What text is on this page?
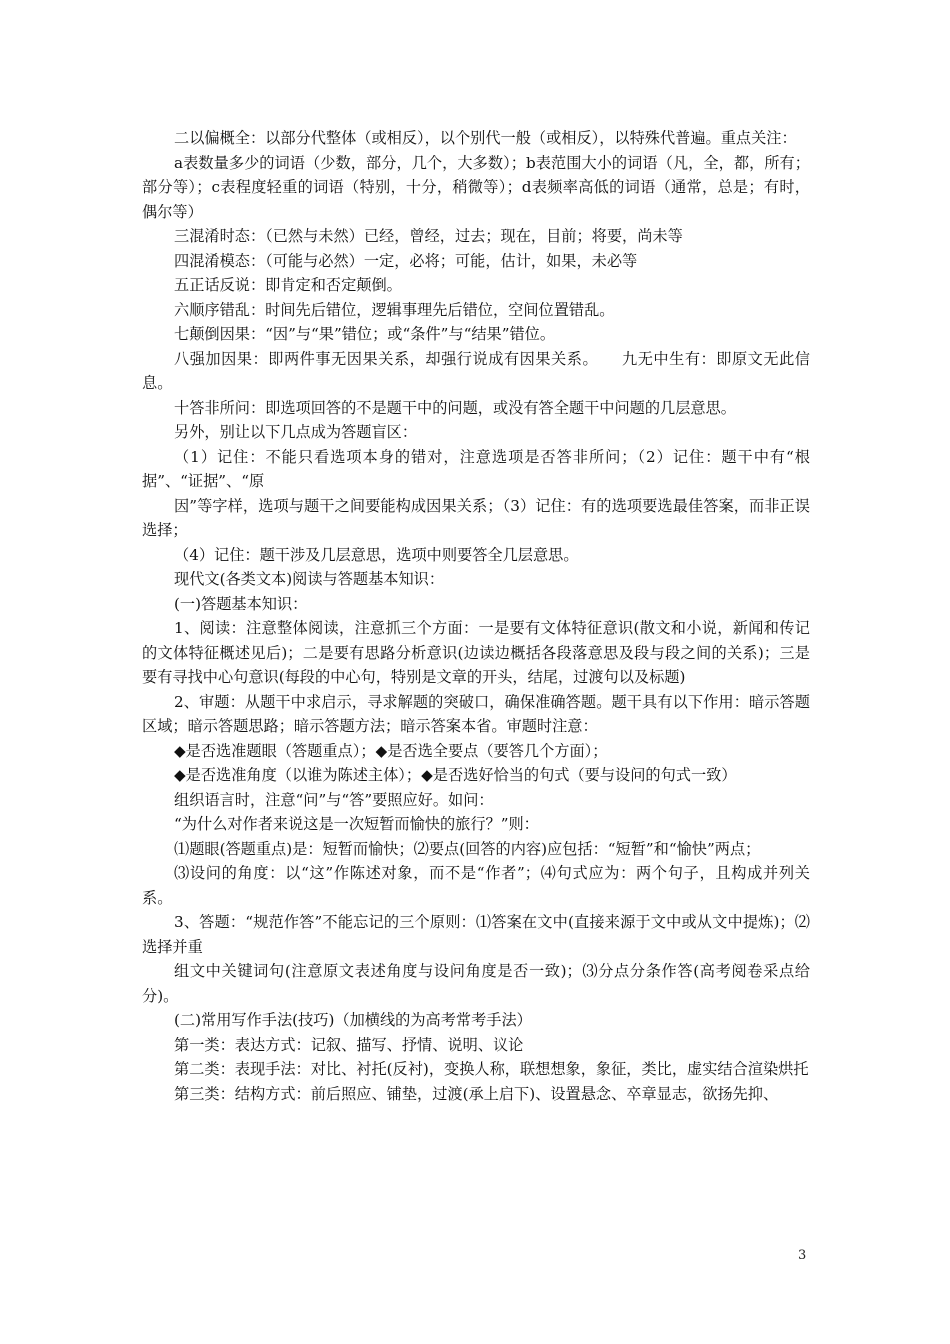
二以偏概全：以部分代整体（或相反），以个别代一般（或相反），以特殊代普遍。重点关注：

a表数量多少的词语（少数，部分，几个，大多数）；b表范围大小的词语（凡，全，都，所有；部分等）；c表程度轻重的词语（特别，十分，稍微等）；d表频率高低的词语（通常，总是；有时，偶尔等）

三混淆时态：（已然与未然）已经，曾经，过去；现在，目前；将要，尚未等

四混淆模态：（可能与必然）一定，必将；可能，估计，如果，未必等

五正话反说：即肯定和否定颠倒。

六顺序错乱：时间先后错位，逻辑事理先后错位，空间位置错乱。

七颠倒因果：“因”与“果”错位；或“条件”与“结果”错位。

八强加因果：即两件事无因果关系，却强行说成有因果关系。　　九无中生有：即原文无此信息。

十答非所问：即选项回答的不是题干中的问题，或没有答全题干中问题的几层意思。

另外，别让以下几点成为答题盲区：

（1）记住：不能只看选项本身的错对，注意选项是否答非所问；（2）记住：题干中有“根据”、“证据”、“原

因”等字样，选项与题干之间要能构成因果关系；（3）记住：有的选项要选最佳答案，而非正误选择；

（4）记住：题干涉及几层意思，选项中则要答全几层意思。

现代文(各类文本)阅读与答题基本知识：

(一)答题基本知识：

1、阅读：注意整体阅读，注意抓三个方面：一是要有文体特征意识(散文和小说，新闻和传记的文体特征概述见后)；二是要有思路分析意识(边读边概括各段落意思及段与段之间的关系)；三是要有寻找中心句意识(每段的中心句，特别是文章的开头，结尾，过渡句以及标题)

2、审题：从题干中求启示，寻求解题的突破口，确保准确答题。题干具有以下作用：暗示答题区域；暗示答题思路；暗示答题方法；暗示答案本省。审题时注意：

◆是否选准题眼（答题重点）；◆是否选全要点（要答几个方面）；

◆是否选准角度（以谁为陈述主体）；◆是否选好恰当的句式（要与设问的句式一致）

组织语言时，注意“问”与“答”要照应好。如问：

“为什么对作者来说这是一次短暂而愉快的旅行？”则：

⑴题眼(答题重点)是：短暂而愉快；⑵要点(回答的内容)应包括：“短暂”和“愉快”两点；

⑶设问的角度：以“这”作陈述对象，而不是“作者”；⑷句式应为：两个句子，且构成并列关系。

3、答题：“规范作答”不能忘记的三个原则：⑴答案在文中(直接来源于文中或从文中提炼)；⑵选择并重

组文中关键词句(注意原文表述角度与设问角度是否一致)；⑶分点分条作答(高考阅卷采点给分)。

(二)常用写作手法(技巧)（加横线的为高考常考手法）

第一类：表达方式：记叙、描写、抒情、说明、议论

第二类：表现手法：对比、衬托(反衬)，变换人称，联想想象，象征，类比，虚实结合渲染烘托

第三类：结构方式：前后照应、铺垫，过渡(承上启下)、设置悬念、卒章显志，欲扬先抑、

3
